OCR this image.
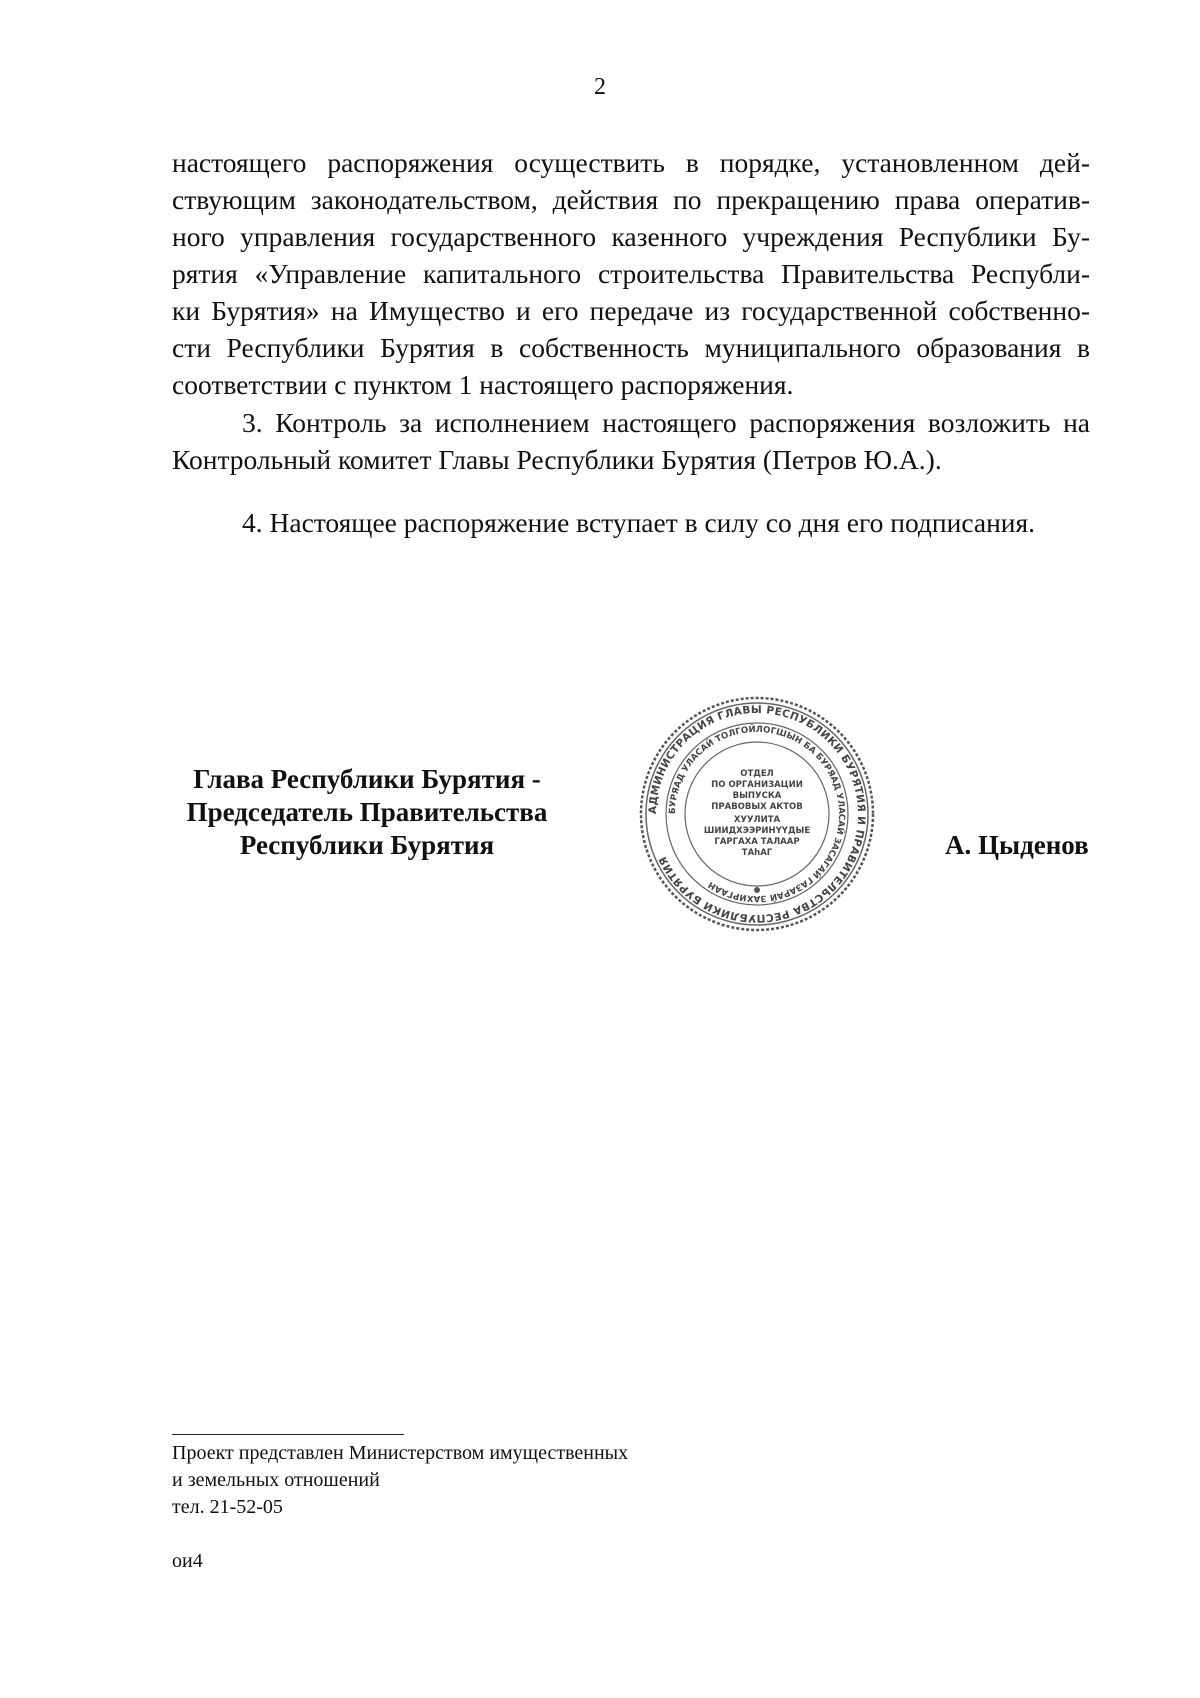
2
настоящего распоряжения осуществить в порядке, установленном дей-
ствующим законодательством, действия по прекращению права оператив-
ного управления государственного казенного учреждения Республики Бу-
рятия «Управление капитального строительства Правительства Республи-
ки Бурятия» на Имущество и его передаче из государственной собственно-
сти Республики Бурятия в собственность муниципального образования в
соответствии с пунктом 1 настоящего распоряжения.
3. Контроль за исполнением настоящего распоряжения возложить на
Контрольный комитет Главы Республики Бурятия (Петров Ю.А.).
4. Настоящее распоряжение вступает в силу со дня его подписания.
Глава Республики Бурятия -
Председатель Правительства
Республики Бурятия
АДМИНИСТРАЦИЯ ГЛАВЫ РЕСПУБЛИКИ БУРЯТИЯ И ПРАВИТЕЛЬСТВА РЕСПУБЛИКИ БУРЯТИЯ
БУРЯАД УЛАСАЙ ТОЛГОЙЛОГШЫН БА БУРЯАД УЛАСАЙ ЗАСАГАЙ ГАЗАРАЙ ЗАХИРГААН
ОТДЕЛ
ПО ОРГАНИЗАЦИИ
ВЫПУСКА
ПРАВОВЫХ АКТОВ
ХУУЛИТА
ШИИДХЭЭРИНҮҮДЫЕ
ГАРГАХА ТАЛААР
ТАhАГ	А. Цыденов
Проект представлен Министерством имущественных
и земельных отношений
тел. 21-52-05
ои4
